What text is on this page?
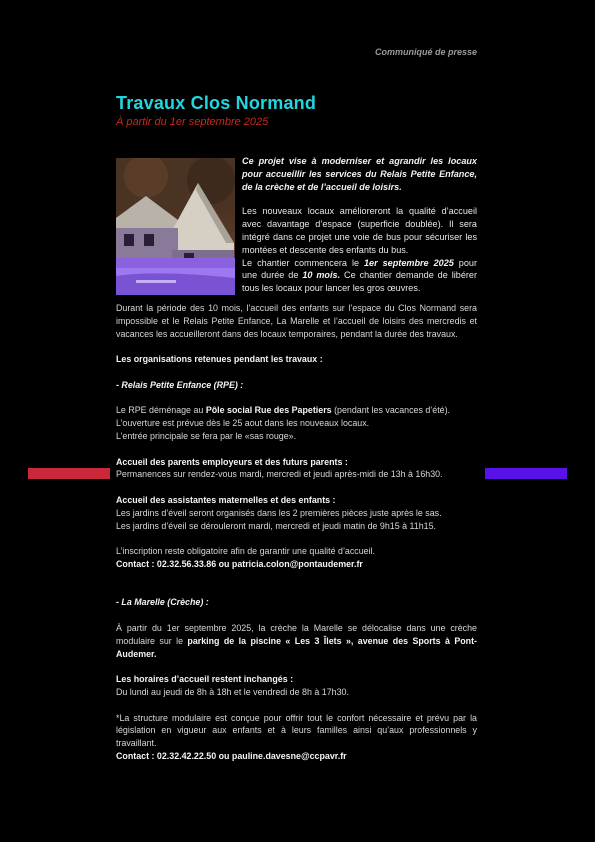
Communiqué de presse
Travaux Clos Normand
À partir du 1er septembre 2025

Ce projet vise à moderniser et agrandir les locaux pour accueillir les services du Relais Petite Enfance, de la crèche et de l’accueil de loisirs.

Les nouveaux locaux amélioreront la qualité d’accueil avec davantage d’espace (superficie doublée). Il sera intégré dans ce projet une voie de bus pour sécuriser les montées et descente des enfants du bus.

Le chantier commencera le 1er septembre 2025 pour une durée de 10 mois. Ce chantier demande de libérer tous les locaux pour lancer les gros œuvres.

Durant la période des 10 mois, l’accueil des enfants sur l’espace du Clos Normand sera impossible et le Relais Petite Enfance, La Marelle et l’accueil de loisirs des mercredis et vacances les accueilleront dans des locaux temporaires, pendant la durée des travaux.

Les organisations retenues pendant les travaux :

- Relais Petite Enfance (RPE) :

Le RPE déménage au Pôle social Rue des Papetiers (pendant les vacances d’été).

L’ouverture est prévue dès le 25 aout dans les nouveaux locaux.

L’entrée principale se fera par le «sas rouge».

Accueil des parents employeurs et des futurs parents :

Permanences sur rendez-vous mardi, mercredi et jeudi après-midi de 13h à 16h30.

Accueil des assistantes maternelles et des enfants :

Les jardins d’éveil seront organisés dans les 2 premières pièces juste après le sas.

Les jardins d’éveil se dérouleront mardi, mercredi et jeudi matin de 9h15 à 11h15.

L’inscription reste obligatoire afin de garantir une qualité d’accueil.

Contact : 02.32.56.33.86 ou patricia.colon@pontaudemer.fr

- La Marelle (Crèche) :

À partir du 1er septembre 2025, la crèche la Marelle se délocalise dans une crèche modulaire sur le parking de la piscine « Les 3 Îlets », avenue des Sports à Pont-Audemer.

Les horaires d’accueil restent inchangés :

Du lundi au jeudi de 8h à 18h et le vendredi de 8h à 17h30.

*La structure modulaire est conçue pour offrir tout le confort nécessaire et prévu par la législation en vigueur aux enfants et à leurs familles ainsi qu’aux professionnels y travaillant.

Contact : 02.32.42.22.50 ou pauline.davesne@ccpavr.fr
